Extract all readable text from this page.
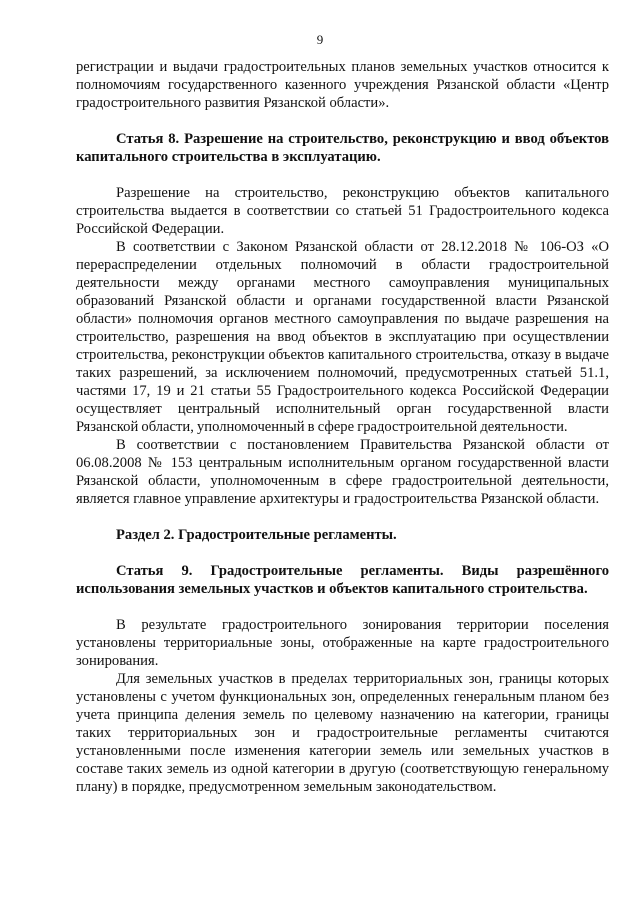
9

регистрации и выдачи градостроительных планов земельных участков относится к полномочиям государственного казенного учреждения Рязанской области «Центр градостроительного развития Рязанской области».

Статья 8. Разрешение на строительство, реконструкцию и ввод объектов капитального строительства в эксплуатацию.

Разрешение на строительство, реконструкцию объектов капитального строительства выдается в соответствии со статьей 51 Градостроительного кодекса Российской Федерации.

В соответствии с Законом Рязанской области от 28.12.2018 № 106-ОЗ «О перераспределении отдельных полномочий в области градостроительной деятельности между органами местного самоуправления муниципальных образований Рязанской области и органами государственной власти Рязанской области» полномочия органов местного самоуправления по выдаче разрешения на строительство, разрешения на ввод объектов в эксплуатацию при осуществлении строительства, реконструкции объектов капитального строительства, отказу в выдаче таких разрешений, за исключением полномочий, предусмотренных статьей 51.1, частями 17, 19 и 21 статьи 55 Градостроительного кодекса Российской Федерации осуществляет центральный исполнительный орган государственной власти Рязанской области, уполномоченный в сфере градостроительной деятельности.

В соответствии с постановлением Правительства Рязанской области от 06.08.2008 № 153 центральным исполнительным органом государственной власти Рязанской области, уполномоченным в сфере градостроительной деятельности, является главное управление архитектуры и градостроительства Рязанской области.

Раздел 2. Градостроительные регламенты.

Статья 9. Градостроительные регламенты. Виды разрешённого использования земельных участков и объектов капитального строительства.

В результате градостроительного зонирования территории поселения установлены территориальные зоны, отображенные на карте градостроительного зонирования.

Для земельных участков в пределах территориальных зон, границы которых установлены с учетом функциональных зон, определенных генеральным планом без учета принципа деления земель по целевому назначению на категории, границы таких территориальных зон и градостроительные регламенты считаются установленными после изменения категории земель или земельных участков в составе таких земель из одной категории в другую (соответствующую генеральному плану) в порядке, предусмотренном земельным законодательством.
